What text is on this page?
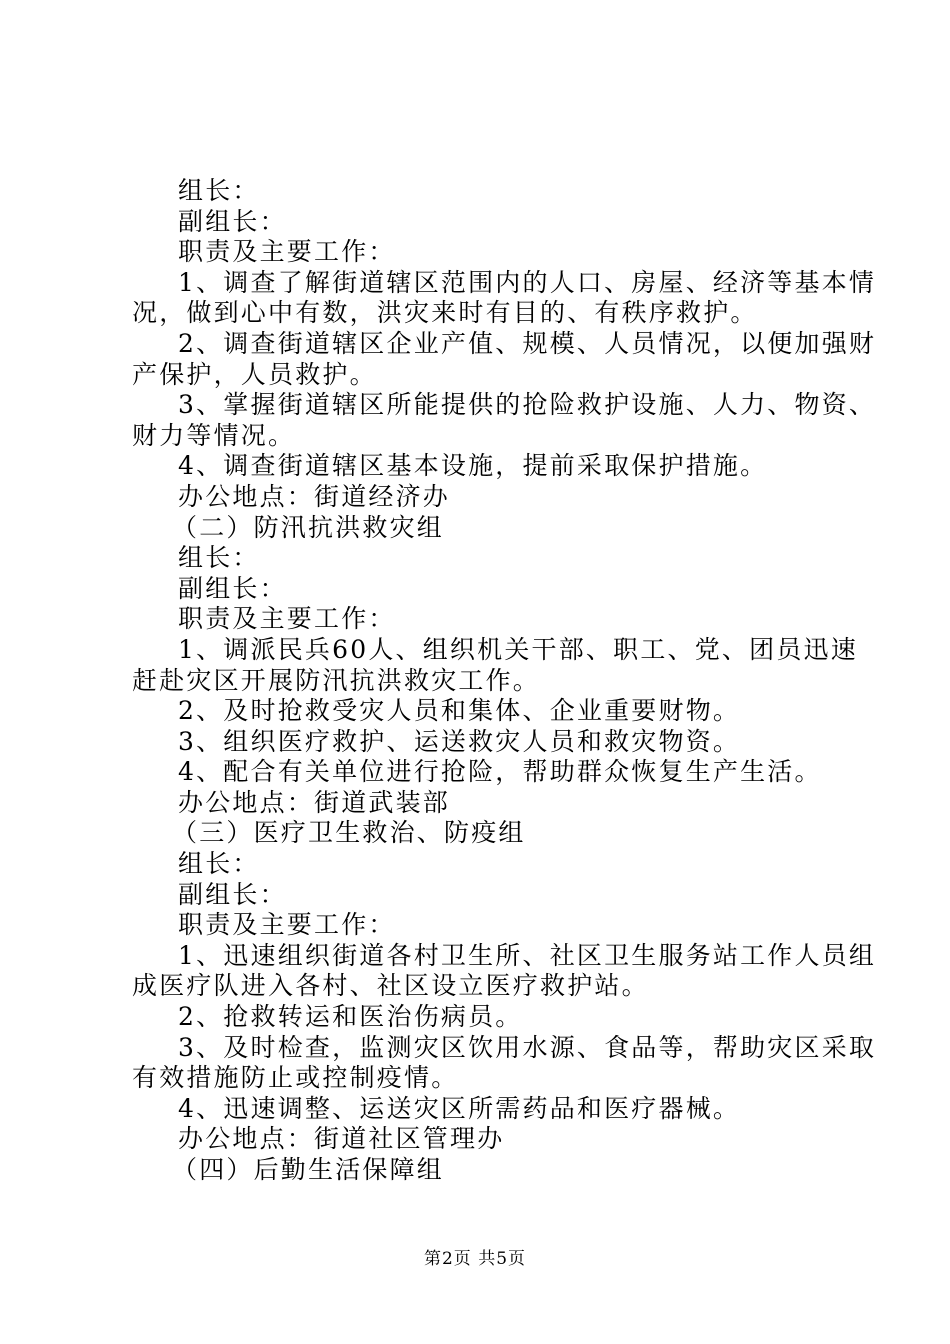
组长：
副组长：
职责及主要工作：
1、调查了解街道辖区范围内的人口、房屋、经济等基本情
况，做到心中有数，洪灾来时有目的、有秩序救护。
2、调查街道辖区企业产值、规模、人员情况，以便加强财
产保护，人员救护。
3、掌握街道辖区所能提供的抢险救护设施、人力、物资、
财力等情况。
4、调查街道辖区基本设施，提前采取保护措施。
办公地点：街道经济办
（二）防汛抗洪救灾组
组长：
副组长：
职责及主要工作：
1、调派民兵60人、组织机关干部、职工、党、团员迅速
赶赴灾区开展防汛抗洪救灾工作。
2、及时抢救受灾人员和集体、企业重要财物。
3、组织医疗救护、运送救灾人员和救灾物资。
4、配合有关单位进行抢险，帮助群众恢复生产生活。
办公地点：街道武装部
（三）医疗卫生救治、防疫组
组长：
副组长：
职责及主要工作：
1、迅速组织街道各村卫生所、社区卫生服务站工作人员组
成医疗队进入各村、社区设立医疗救护站。
2、抢救转运和医治伤病员。
3、及时检查，监测灾区饮用水源、食品等，帮助灾区采取
有效措施防止或控制疫情。
4、迅速调整、运送灾区所需药品和医疗器械。
办公地点：街道社区管理办
（四）后勤生活保障组
第2页 共5页
